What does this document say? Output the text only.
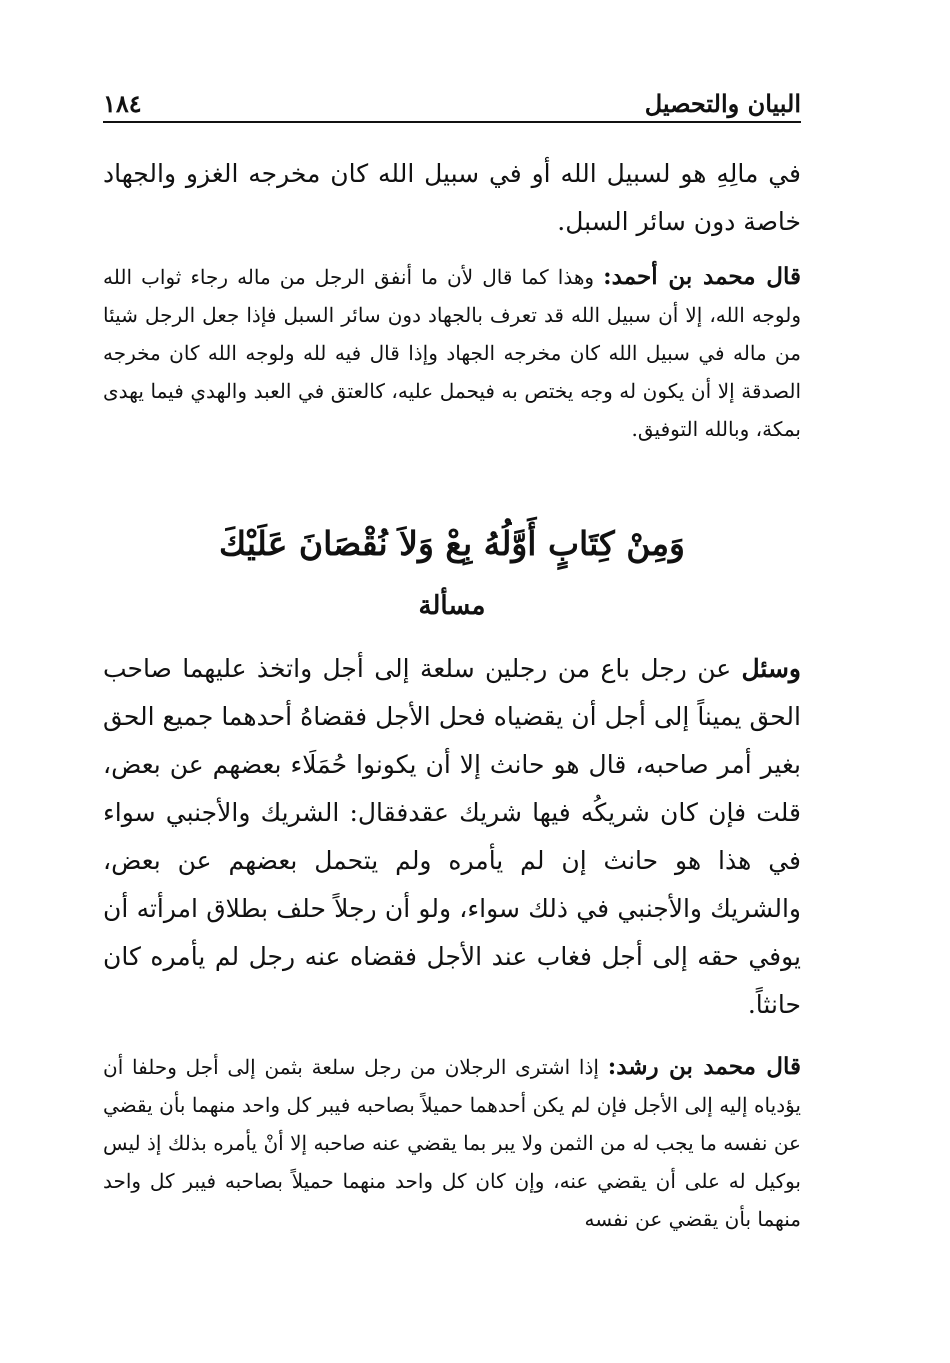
١٨٤	البيان والتحصيل

في مالِهِ هو لسبيل الله أو في سبيل الله كان مخرجه الغزو والجهاد خاصة دون سائر السبل.

قال محمد بن أحمد: وهذا كما قال لأن ما أنفق الرجل من ماله رجاء ثواب الله ولوجه الله، إلا أن سبيل الله قد تعرف بالجهاد دون سائر السبل فإذا جعل الرجل شيئا من ماله في سبيل الله كان مخرجه الجهاد وإذا قال فيه لله ولوجه الله كان مخرجه الصدقة إلا أن يكون له وجه يختص به فيحمل عليه، كالعتق في العبد والهدي فيما يهدى بمكة، وبالله التوفيق.

وَمِنْ كِتَابٍ أَوَّلُهُ بِعْ وَلاَ نُقْصَانَ عَلَيْكَ
مسألة

وسئل عن رجل باع من رجلين سلعة إلى أجل واتخذ عليهما صاحب الحق يميناً إلى أجل أن يقضياه فحل الأجل فقضاهُ أحدهما جميع الحق بغير أمر صاحبه، قال هو حانث إلا أن يكونوا حُمَلَاء بعضهم عن بعض، قلت فإن كان شريكُه فيها شريك عقدفقال: الشريك والأجنبي سواء في هذا هو حانث إن لم يأمره ولم يتحمل بعضهم عن بعض، والشريك والأجنبي في ذلك سواء، ولو أن رجلاً حلف بطلاق امرأته أن يوفي حقه إلى أجل فغاب عند الأجل فقضاه عنه رجل لم يأمره كان حانثاً.

قال محمد بن رشد: إذا اشترى الرجلان من رجل سلعة بثمن إلى أجل وحلفا أن يؤدياه إليه إلى الأجل فإن لم يكن أحدهما حميلاً بصاحبه فيبر كل واحد منهما بأن يقضي عن نفسه ما يجب له من الثمن ولا يبر بما يقضي عنه صاحبه إلا أنْ يأمره بذلك إذ ليس بوكيل له على أن يقضي عنه، وإن كان كل واحد منهما حميلاً بصاحبه فيبر كل واحد منهما بأن يقضي عن نفسه
